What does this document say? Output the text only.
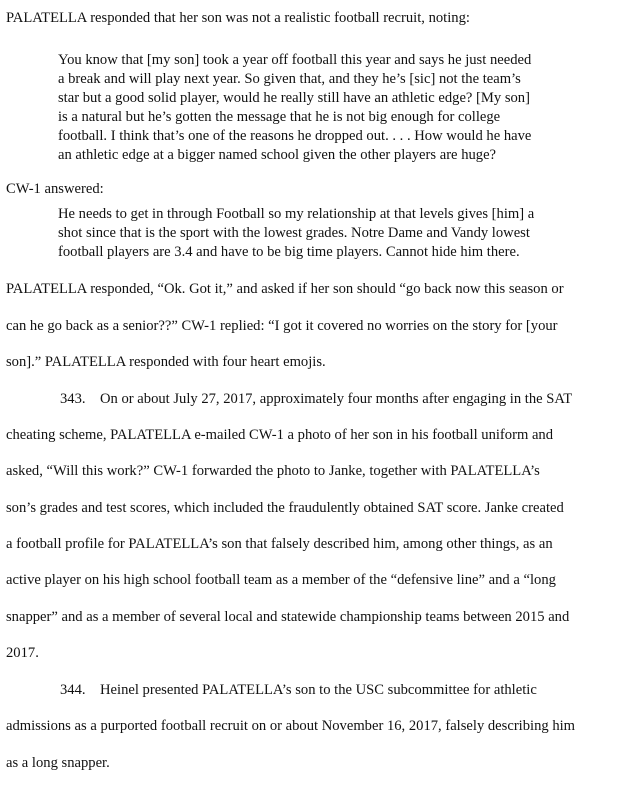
PALATELLA responded that her son was not a realistic football recruit, noting:
You know that [my son] took a year off football this year and says he just needed
a break and will play next year. So given that, and they he’s [sic] not the team’s
star but a good solid player, would he really still have an athletic edge? [My son]
is a natural but he’s gotten the message that he is not big enough for college
football. I think that’s one of the reasons he dropped out. . . . How would he have
an athletic edge at a bigger named school given the other players are huge?
CW-1 answered:
He needs to get in through Football so my relationship at that levels gives [him] a
shot since that is the sport with the lowest grades. Notre Dame and Vandy lowest
football players are 3.4 and have to be big time players. Cannot hide him there.
PALATELLA responded, “Ok. Got it,” and asked if her son should “go back now this season or
can he go back as a senior??” CW-1 replied: “I got it covered no worries on the story for [your
son].” PALATELLA responded with four heart emojis.
343. On or about July 27, 2017, approximately four months after engaging in the SAT
cheating scheme, PALATELLA e-mailed CW-1 a photo of her son in his football uniform and
asked, “Will this work?” CW-1 forwarded the photo to Janke, together with PALATELLA’s
son’s grades and test scores, which included the fraudulently obtained SAT score. Janke created
a football profile for PALATELLA’s son that falsely described him, among other things, as an
active player on his high school football team as a member of the “defensive line” and a “long
snapper” and as a member of several local and statewide championship teams between 2015 and
2017.
344. Heinel presented PALATELLA’s son to the USC subcommittee for athletic
admissions as a purported football recruit on or about November 16, 2017, falsely describing him
as a long snapper.
